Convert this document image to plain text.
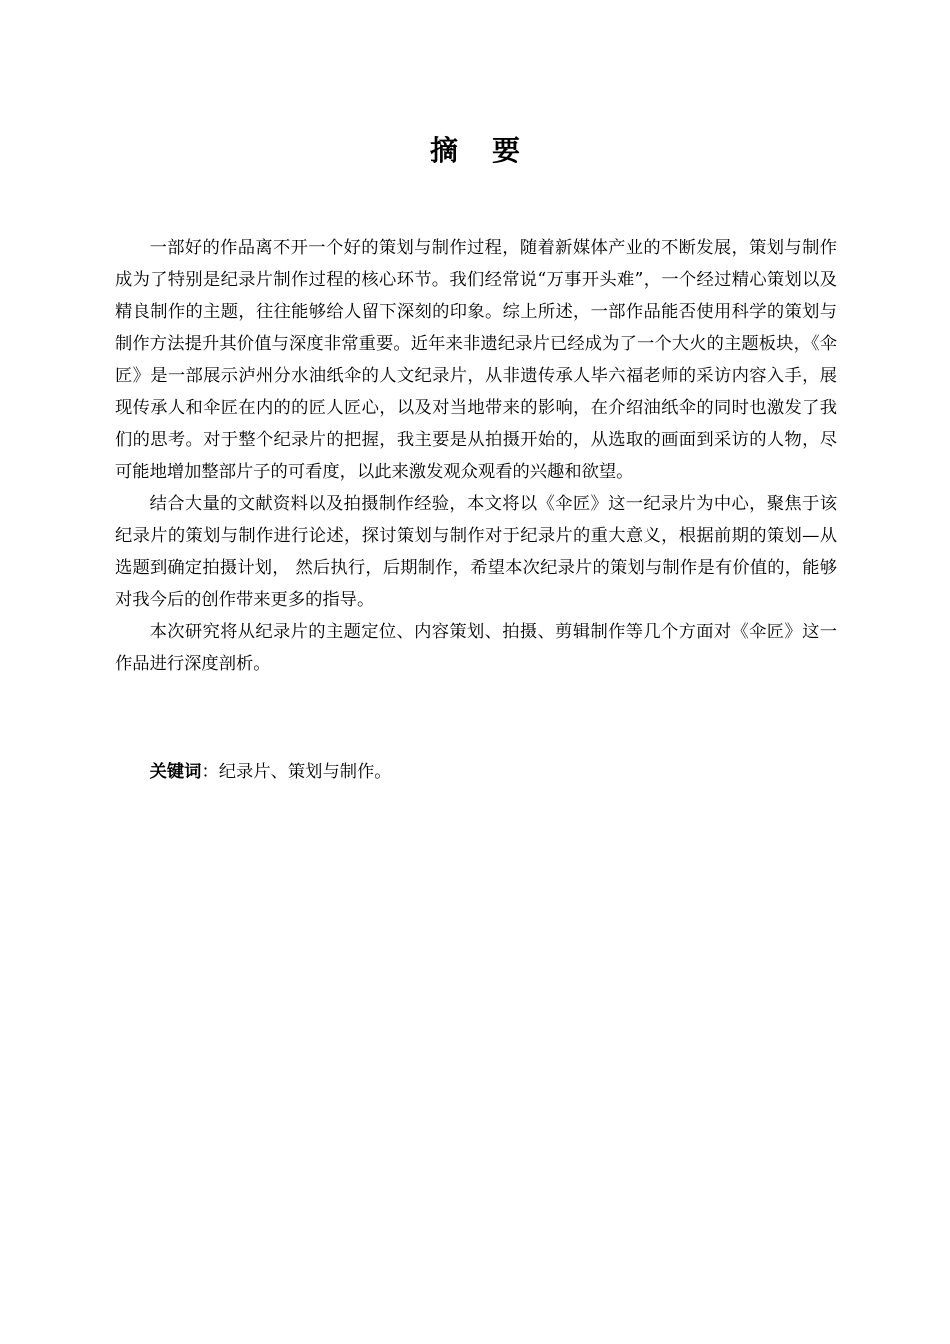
摘要

一部好的作品离不开一个好的策划与制作过程，随着新媒体产业的不断发展，策划与制作成为了特别是纪录片制作过程的核心环节。我们经常说“万事开头难”，一个经过精心策划以及精良制作的主题，往往能够给人留下深刻的印象。综上所述，一部作品能否使用科学的策划与制作方法提升其价值与深度非常重要。近年来非遗纪录片已经成为了一个大火的主题板块，《伞匠》是一部展示泸州分水油纸伞的人文纪录片，从非遗传承人毕六福老师的采访内容入手，展现传承人和伞匠在内的的匠人匠心，以及对当地带来的影响，在介绍油纸伞的同时也激发了我们的思考。对于整个纪录片的把握，我主要是从拍摄开始的，从选取的画面到采访的人物，尽可能地增加整部片子的可看度，以此来激发观众观看的兴趣和欲望。

结合大量的文献资料以及拍摄制作经验，本文将以《伞匠》这一纪录片为中心，聚焦于该纪录片的策划与制作进行论述，探讨策划与制作对于纪录片的重大意义，根据前期的策划—从选题到确定拍摄计划， 然后执行，后期制作，希望本次纪录片的策划与制作是有价值的，能够对我今后的创作带来更多的指导。

本次研究将从纪录片的主题定位、内容策划、拍摄、剪辑制作等几个方面对《伞匠》这一作品进行深度剖析。

关键词：纪录片、策划与制作。
